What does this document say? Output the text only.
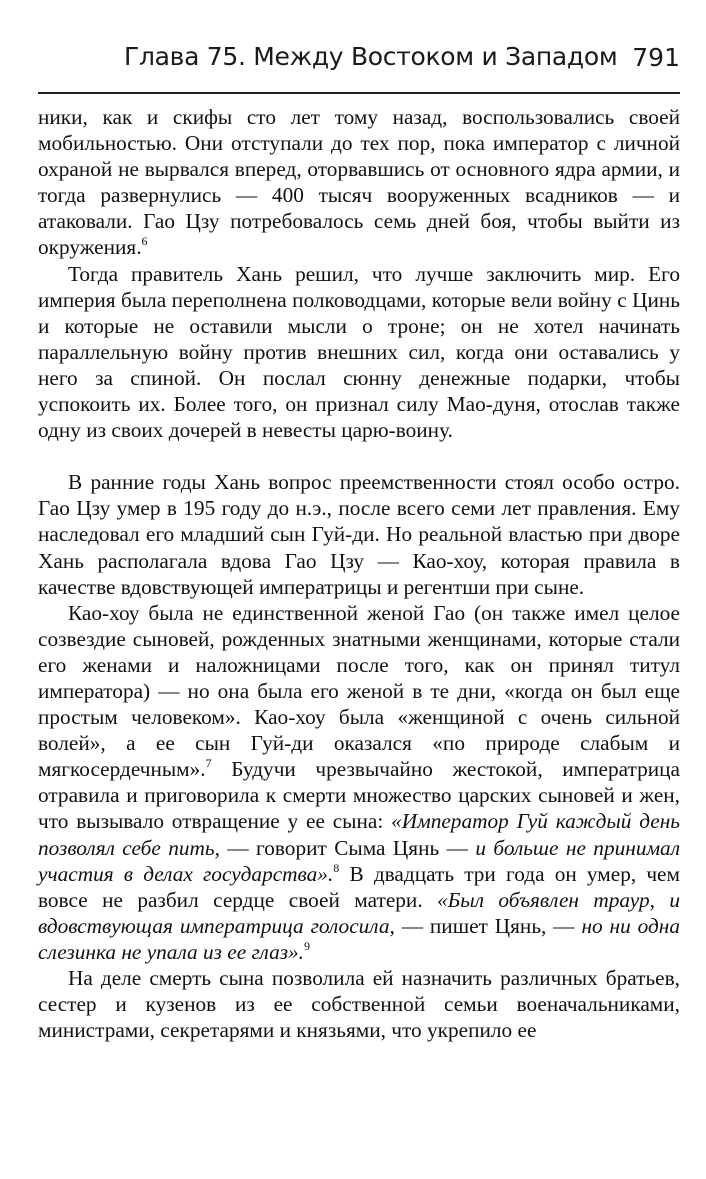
Глава 75. Между Востоком и Западом 791

ники, как и скифы сто лет тому назад, воспользовались своей мобильностью. Они отступали до тех пор, пока император с личной охраной не вырвался вперед, оторвавшись от основного ядра армии, и тогда развернулись — 400 тысяч вооруженных всадников — и атаковали. Гао Цзу потребовалось семь дней боя, чтобы выйти из окружения.$^6$

Тогда правитель Хань решил, что лучше заключить мир. Его империя была переполнена полководцами, которые вели войну с Цинь и которые не оставили мысли о троне; он не хотел начинать параллельную войну против внешних сил, когда они оставались у него за спиной. Он послал сюнну денежные подарки, чтобы успокоить их. Более того, он признал силу Мао-дуня, отослав также одну из своих дочерей в невесты царю-воину.

В ранние годы Хань вопрос преемственности стоял особо остро. Гао Цзу умер в 195 году до н.э., после всего семи лет правления. Ему наследовал его младший сын Гуй-ди. Но реальной властью при дворе Хань располагала вдова Гао Цзу — Као-хоу, которая правила в качестве вдовствующей императрицы и регентши при сыне.

Као-хоу была не единственной женой Гао (он также имел целое созвездие сыновей, рожденных знатными женщинами, которые стали его женами и наложницами после того, как он принял титул императора) — но она была его женой в те дни, «когда он был еще простым человеком». Као-хоу была «женщиной с очень сильной волей», а ее сын Гуй-ди оказался «по природе слабым и мягкосердечным».$^7$ Будучи чрезвычайно жестокой, императрица отравила и приговорила к смерти множество царских сыновей и жен, что вызывало отвращение у ее сына: «Император Гуй каждый день позволял себе пить, — говорит Сыма Цянь — и больше не принимал участия в делах государства».$^8$ В двадцать три года он умер, чем вовсе не разбил сердце своей матери. «Был объявлен траур, и вдовствующая императрица голосила, — пишет Цянь, — но ни одна слезинка не упала из ее глаз».$^9$

На деле смерть сына позволила ей назначить различных братьев, сестер и кузенов из ее собственной семьи военачальниками, министрами, секретарями и князьями, что укрепило ее
